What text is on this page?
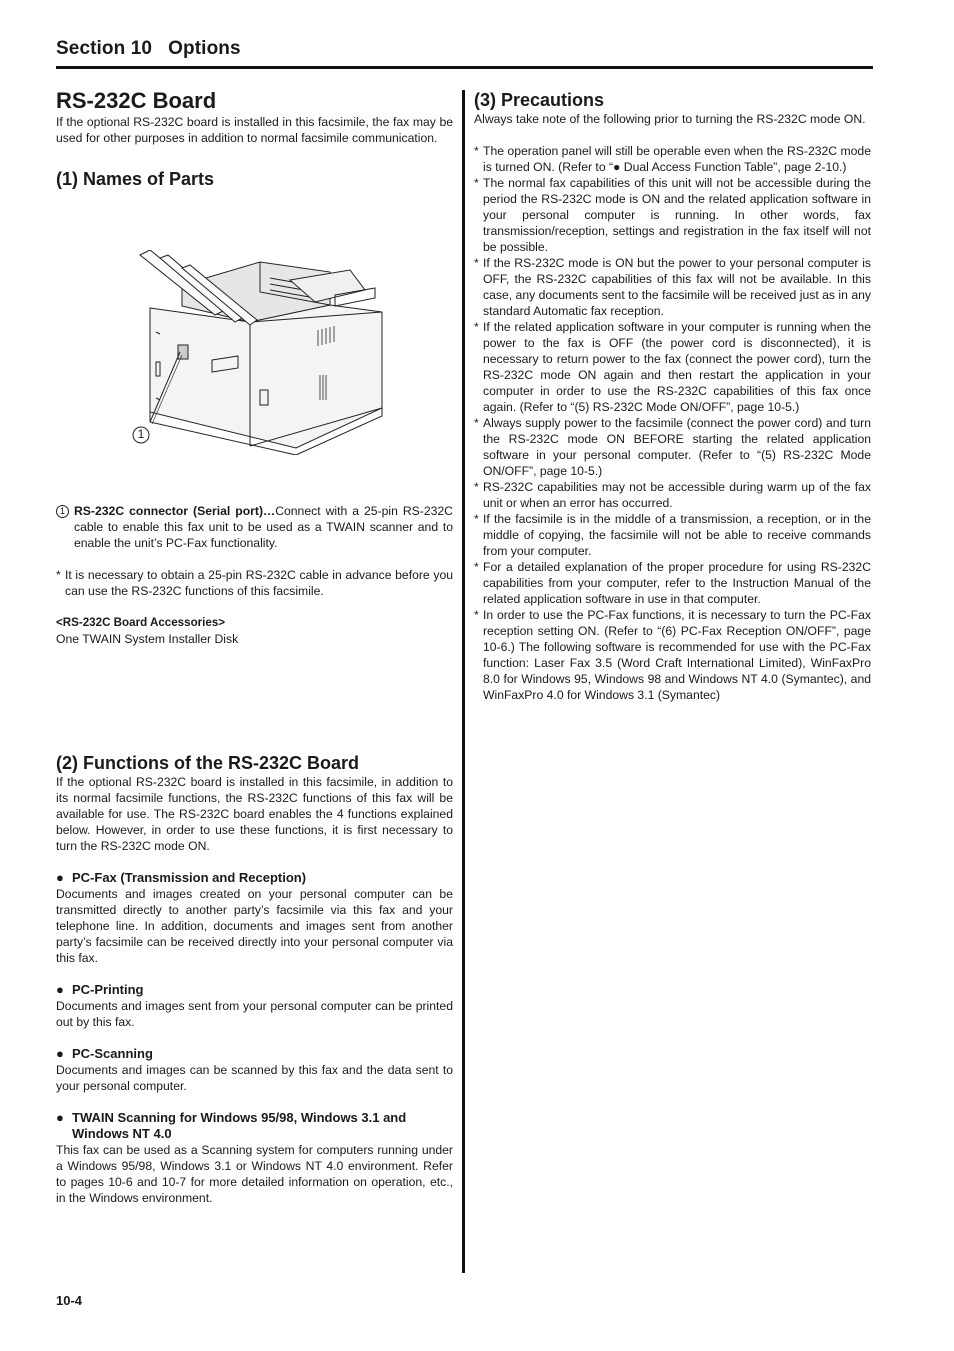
Section 10   Options
RS-232C Board

If the optional RS-232C board is installed in this facsimile, the fax may be used for other purposes in addition to normal facsimile communication.

(1) Names of Parts
1
1 RS-232C connector (Serial port)…Connect with a 25-pin RS-232C cable to enable this fax unit to be used as a TWAIN scanner and to enable the unit’s PC-Fax functionality.
* It is necessary to obtain a 25-pin RS-232C cable in advance before you can use the RS-232C functions of this facsimile.
<RS-232C Board Accessories>
One TWAIN System Installer Disk
(2) Functions of the RS-232C Board

If the optional RS-232C board is installed in this facsimile, in addition to its normal facsimile functions, the RS-232C functions of this fax will be available for use. The RS-232C board enables the 4 functions explained below. However, in order to use these functions, it is first necessary to turn the RS-232C mode ON.

● PC-Fax (Transmission and Reception)

Documents and images created on your personal computer can be transmitted directly to another party’s facsimile via this fax and your telephone line. In addition, documents and images sent from another party’s facsimile can be received directly into your personal computer via this fax.

● PC-Printing

Documents and images sent from your personal computer can be printed out by this fax.

● PC-Scanning

Documents and images can be scanned by this fax and the data sent to your personal computer.

● TWAIN Scanning for Windows 95/98, Windows 3.1 and Windows NT 4.0

This fax can be used as a Scanning system for computers running under a Windows 95/98, Windows 3.1 or Windows NT 4.0 environment. Refer to pages 10-6 and 10-7 for more detailed information on operation, etc., in the Windows environment.

(3) Precautions

Always take note of the following prior to turning the RS-232C mode ON.

* The operation panel will still be operable even when the RS-232C mode is turned ON. (Refer to “● Dual Access Function Table”, page 2-10.)
* The normal fax capabilities of this unit will not be accessible during the period the RS-232C mode is ON and the related application software in your personal computer is running. In other words, fax transmission/reception, settings and registration in the fax itself will not be possible.
* If the RS-232C mode is ON but the power to your personal computer is OFF, the RS-232C capabilities of this fax will not be available. In this case, any documents sent to the facsimile will be received just as in any standard Automatic fax reception.
* If the related application software in your computer is running when the power to the fax is OFF (the power cord is disconnected), it is necessary to return power to the fax (connect the power cord), turn the RS-232C mode ON again and then restart the application in your computer in order to use the RS-232C capabilities of this fax once again. (Refer to “(5) RS-232C Mode ON/OFF”, page 10-5.)
* Always supply power to the facsimile (connect the power cord) and turn the RS-232C mode ON BEFORE starting the related application software in your personal computer. (Refer to “(5) RS-232C Mode ON/OFF”, page 10-5.)
* RS-232C capabilities may not be accessible during warm up of the fax unit or when an error has occurred.
* If the facsimile is in the middle of a transmission, a reception, or in the middle of copying, the facsimile will not be able to receive commands from your computer.
* For a detailed explanation of the proper procedure for using RS-232C capabilities from your computer, refer to the Instruction Manual of the related application software in use in that computer.
* In order to use the PC-Fax functions, it is necessary to turn the PC-Fax reception setting ON. (Refer to “(6) PC-Fax Reception ON/OFF”, page 10-6.) The following software is recommended for use with the PC-Fax function: Laser Fax 3.5 (Word Craft International Limited), WinFaxPro 8.0 for Windows 95, Windows 98 and Windows NT 4.0 (Symantec), and WinFaxPro 4.0 for Windows 3.1 (Symantec)
10-4
